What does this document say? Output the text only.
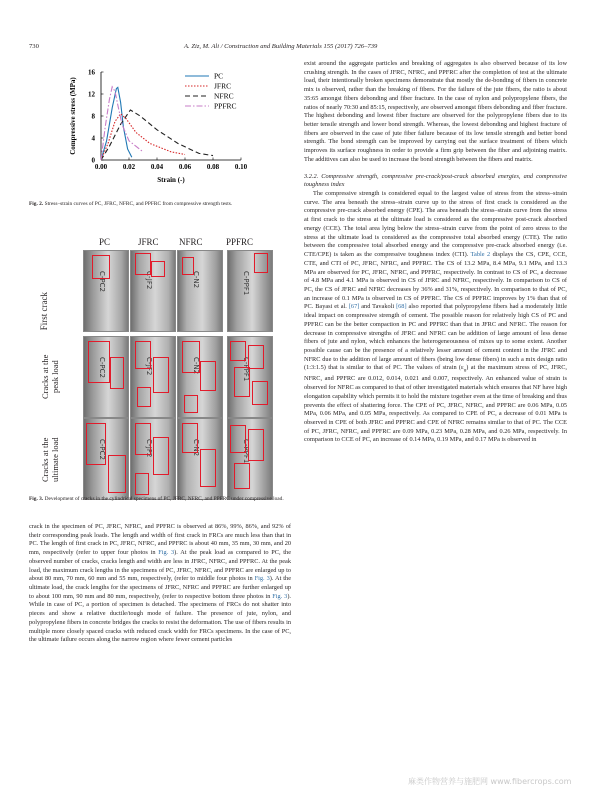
730	A. Ziz, M. Ali / Construction and Building Materials 155 (2017) 726–739
0.00 0.02 0.04 0.06 0.08 0.10
0
4
8
12
16
Strain (-)
Compressive stress (MPa)
PC
JFRC
NFRC
PPFRC
Fig. 2. Stress–strain curves of PC, JFRC, NFRC, and PPFRC from compressive strength tests.
PC	JFRC NFRC	PPFRC
First crack
Cracks at the peak load
Cracks at the ultimate load
C-PC2	C-JF2	C-N2	C-PPF1
C-PC2	C-JF2	C-N2	C-PPF1
C-PC2	C-JF2	C-N2	C-PPF1
Fig. 3. Development of cracks in the cylindrical specimens of PC, JFRC, NFRC, and PPFRC under compressive load.

crack in the specimen of PC, JFRC, NFRC, and PPFRC is observed at 86%, 99%, 86%, and 92% of their corresponding peak loads. The length and width of first crack in FRCs are much less than that in PC. The length of first crack in PC, JFRC, NFRC, and PPFRC is about 40 mm, 35 mm, 30 mm, and 20 mm, respectively (refer to upper four photos in Fig. 3). At the peak load as compared to PC, the observed number of cracks, cracks length and width are less in JFRC, NFRC, and PPFRC. At the peak load, the maximum crack lengths in the specimens of PC, JFRC, NFRC, and PPFRC are enlarged up to about 80 mm, 70 mm, 60 mm and 55 mm, respectively, (refer to middle four photos in Fig. 3). At the ultimate load, the crack lengths for the specimens of JFRC, NFRC and PPFRC are further enlarged up to about 100 mm, 90 mm and 80 mm, respectively, (refer to respective bottom three photos in Fig. 3). While in case of PC, a portion of specimen is detached. The specimens of FRCs do not shatter into pieces and show a relative ductile/tough mode of failure. The presence of jute, nylon, and polypropylene fibers in concrete bridges the cracks to resist the deformation. The use of fibers results in multiple more closely spaced cracks with reduced crack width for FRCs specimens. In the case of PC, the ultimate failure occurs along the narrow region where fewer cement particles

exist around the aggregate particles and breaking of aggregates is also observed because of its low crushing strength. In the cases of JFRC, NFRC, and PPFRC after the completion of test at the ultimate load, their intentionally broken specimens demonstrate that mostly the de-bonding of fibers in concrete mix is observed, rather than the breaking of fibers. For the failure of the jute fibers, the ratio is about 35:65 amongst fibers debonding and fiber fracture. In the case of nylon and polypropylene fibers, the ratios of nearly 70:30 and 85:15, respectively, are observed amongst fibers debonding and fiber fracture. The highest debonding and lowest fiber fracture are observed for the polypropylene fibers due to its better tensile strength and lower bond strength. Whereas, the lowest debonding and highest fracture of fibers are observed in the case of jute fiber failure because of its low tensile strength and better bond strength. The bond strength can be improved by carrying out the surface treatment of fibers which improves its surface roughness in order to provide a firm grip between the fiber and adjoining matrix. The additives can also be used to increase the bond strength between the fibers and matrix.

3.2.2. Compressive strength, compressive pre-crack/post-crack absorbed energies, and compressive toughness index

The compressive strength is considered equal to the largest value of stress from the stress–strain curve. The area beneath the stress–strain curve up to the stress of first crack is considered as the compressive pre-crack absorbed energy (CPE). The area beneath the stress–strain curve from the stress at first crack to the stress at the ultimate load is considered as the compressive post-crack absorbed energy (CCE). The total area lying below the stress–strain curve from the point of zero stress to the stress at the ultimate load is considered as the compressive total absorbed energy (CTE). The ratio between the compressive total absorbed energy and the compressive pre-crack absorbed energy (i.e. CTE/CPE) is taken as the compressive toughness index (CTI). Table 2 displays the CS, CPE, CCE, CTE, and CTI of PC, JFRC, NFRC, and PPFRC. The CS of 13.2 MPa, 8.4 MPa, 9.1 MPa, and 13.3 MPa are observed for PC, JFRC, NFRC, and PPFRC, respectively. In contrast to CS of PC, a decrease of 4.8 MPa and 4.1 MPa is observed in CS of JFRC and NFRC, respectively. In comparison to CS of PC, the CS of JFRC and NFRC decreases by 36% and 31%, respectively. In comparison to that of PC, an increase of 0.1 MPa is observed in CS of PPFRC. The CS of PPFRC improves by 1% than that of PC. Bayasi et al. [67] and Tavakoli [68] also reported that polypropylene fibers had a moderately little ideal impact on compressive strength of cement. The possible reason for relatively high CS of PC and PPFRC can be the better compaction in PC and PPFRC than that in JFRC and NFRC. The reason for decrease in compressive strengths of JFRC and NFRC can be addition of large amount of less dense fibers of jute and nylon, which enhances the heterogeneousness of mixes up to some extent. Another possible cause can be the presence of a relatively lesser amount of cement content in the JFRC and NFRC due to the addition of large amount of fibers (being low dense fibers) in such a mix design ratio (1:3:1.5) that is similar to that of PC. The values of strain $(\varepsilon_u)$ at the maximum stress of PC, JFRC, NFRC, and PPFRC are 0.012, 0.014, 0.021 and 0.007, respectively. An enhanced value of strain is observed for NFRC as compared to that of other investigated materials which ensures that NF have high elongation capability which permits it to hold the mixture together even at the time of breaking and thus prevents the effect of shattering force. The CPE of PC, JFRC, NFRC, and PPFRC are 0.06 MPa, 0.05 MPa, 0.06 MPa, and 0.05 MPa, respectively. As compared to CPE of PC, a decrease of 0.01 MPa is observed in CPE of both JFRC and PPFRC and CPE of NFRC remains similar to that of PC. The CCE of PC, JFRC, NFRC, and PPFRC are 0.09 MPa, 0.23 MPa, 0.28 MPa, and 0.26 MPa, respectively. In comparison to CCE of PC, an increase of 0.14 MPa, 0.19 MPa, and 0.17 MPa is observed in

麻类作物营养与施肥网 www.fibercrops.com
